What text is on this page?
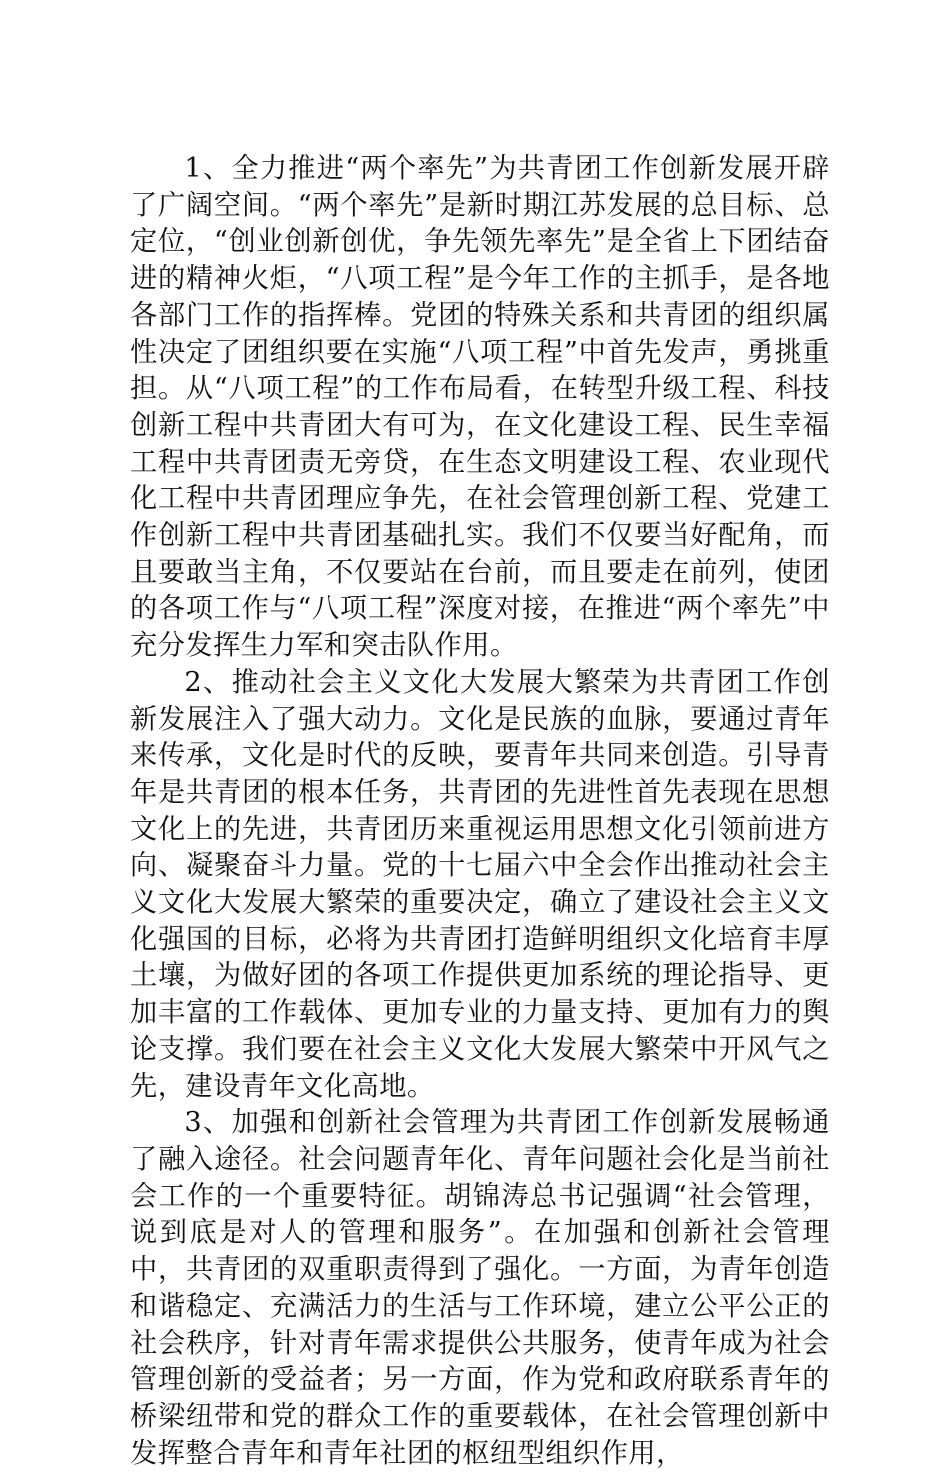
1、全力推进“两个率先”为共青团工作创新发展开辟了广阔空间。“两个率先”是新时期江苏发展的总目标、总定位，“创业创新创优，争先领先率先”是全省上下团结奋进的精神火炬，“八项工程”是今年工作的主抓手，是各地各部门工作的指挥棒。党团的特殊关系和共青团的组织属性决定了团组织要在实施“八项工程”中首先发声，勇挑重担。从“八项工程”的工作布局看，在转型升级工程、科技创新工程中共青团大有可为，在文化建设工程、民生幸福工程中共青团责无旁贷，在生态文明建设工程、农业现代化工程中共青团理应争先，在社会管理创新工程、党建工作创新工程中共青团基础扎实。我们不仅要当好配角，而且要敢当主角，不仅要站在台前，而且要走在前列，使团的各项工作与“八项工程”深度对接，在推进“两个率先”中充分发挥生力军和突击队作用。

2、推动社会主义文化大发展大繁荣为共青团工作创新发展注入了强大动力。文化是民族的血脉，要通过青年来传承，文化是时代的反映，要青年共同来创造。引导青年是共青团的根本任务，共青团的先进性首先表现在思想文化上的先进，共青团历来重视运用思想文化引领前进方向、凝聚奋斗力量。党的十七届六中全会作出推动社会主义文化大发展大繁荣的重要决定，确立了建设社会主义文化强国的目标，必将为共青团打造鲜明组织文化培育丰厚土壤，为做好团的各项工作提供更加系统的理论指导、更加丰富的工作载体、更加专业的力量支持、更加有力的舆论支撑。我们要在社会主义文化大发展大繁荣中开风气之先，建设青年文化高地。

3、加强和创新社会管理为共青团工作创新发展畅通了融入途径。社会问题青年化、青年问题社会化是当前社会工作的一个重要特征。胡锦涛总书记强调“社会管理，说到底是对人的管理和服务”。在加强和创新社会管理中，共青团的双重职责得到了强化。一方面，为青年创造和谐稳定、充满活力的生活与工作环境，建立公平公正的社会秩序，针对青年需求提供公共服务，使青年成为社会管理创新的受益者；另一方面，作为党和政府联系青年的桥梁纽带和党的群众工作的重要载体，在社会管理创新中发挥整合青年和青年社团的枢纽型组织作用，
